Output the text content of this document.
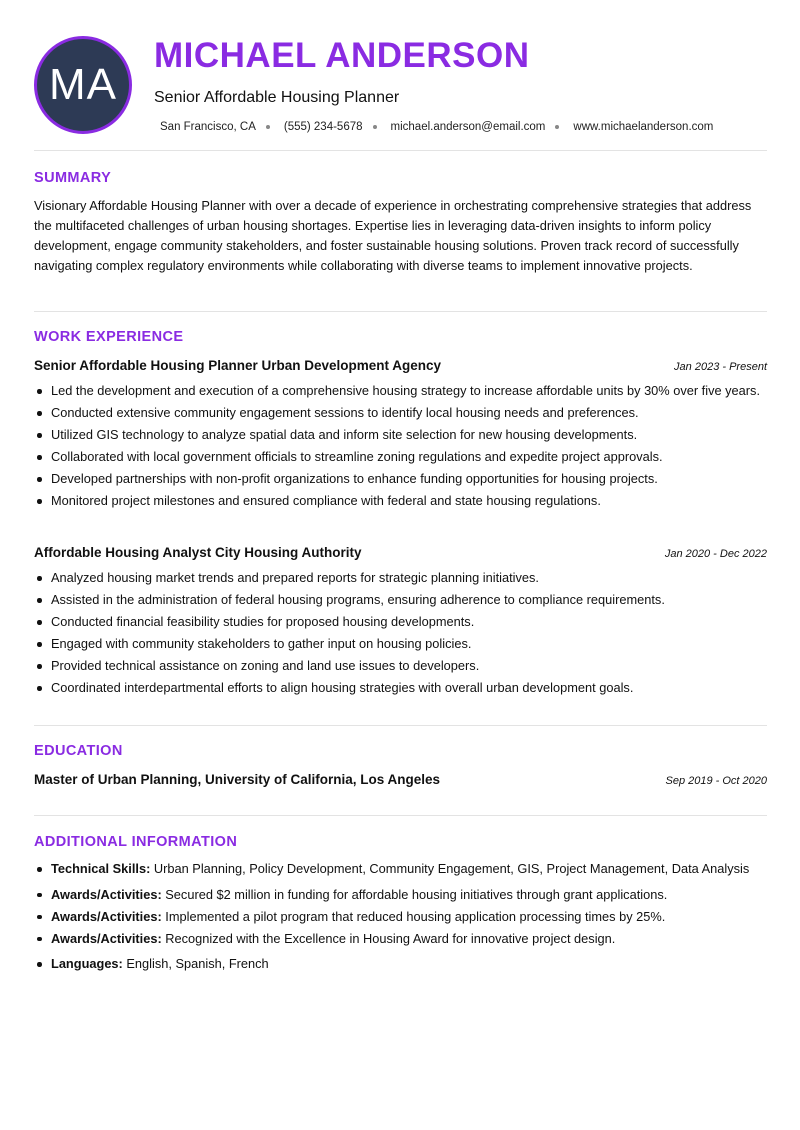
MA
MICHAEL ANDERSON
Senior Affordable Housing Planner
San Francisco, CA (555) 234-5678 michael.anderson@email.com www.michaelanderson.com
SUMMARY
Visionary Affordable Housing Planner with over a decade of experience in orchestrating comprehensive strategies that address the multifaceted challenges of urban housing shortages. Expertise lies in leveraging data-driven insights to inform policy development, engage community stakeholders, and foster sustainable housing solutions. Proven track record of successfully navigating complex regulatory environments while collaborating with diverse teams to implement innovative projects.
WORK EXPERIENCE
Senior Affordable Housing Planner Urban Development Agency	Jan 2023 - Present
Led the development and execution of a comprehensive housing strategy to increase affordable units by 30% over five years.
Conducted extensive community engagement sessions to identify local housing needs and preferences.
Utilized GIS technology to analyze spatial data and inform site selection for new housing developments.
Collaborated with local government officials to streamline zoning regulations and expedite project approvals.
Developed partnerships with non-profit organizations to enhance funding opportunities for housing projects.
Monitored project milestones and ensured compliance with federal and state housing regulations.
Affordable Housing Analyst City Housing Authority	Jan 2020 - Dec 2022
Analyzed housing market trends and prepared reports for strategic planning initiatives.
Assisted in the administration of federal housing programs, ensuring adherence to compliance requirements.
Conducted financial feasibility studies for proposed housing developments.
Engaged with community stakeholders to gather input on housing policies.
Provided technical assistance on zoning and land use issues to developers.
Coordinated interdepartmental efforts to align housing strategies with overall urban development goals.
EDUCATION
Master of Urban Planning, University of California, Los Angeles	Sep 2019 - Oct 2020
ADDITIONAL INFORMATION
Technical Skills: Urban Planning, Policy Development, Community Engagement, GIS, Project Management, Data Analysis
Awards/Activities: Secured $2 million in funding for affordable housing initiatives through grant applications.
Awards/Activities: Implemented a pilot program that reduced housing application processing times by 25%.
Awards/Activities: Recognized with the Excellence in Housing Award for innovative project design.
Languages: English, Spanish, French
